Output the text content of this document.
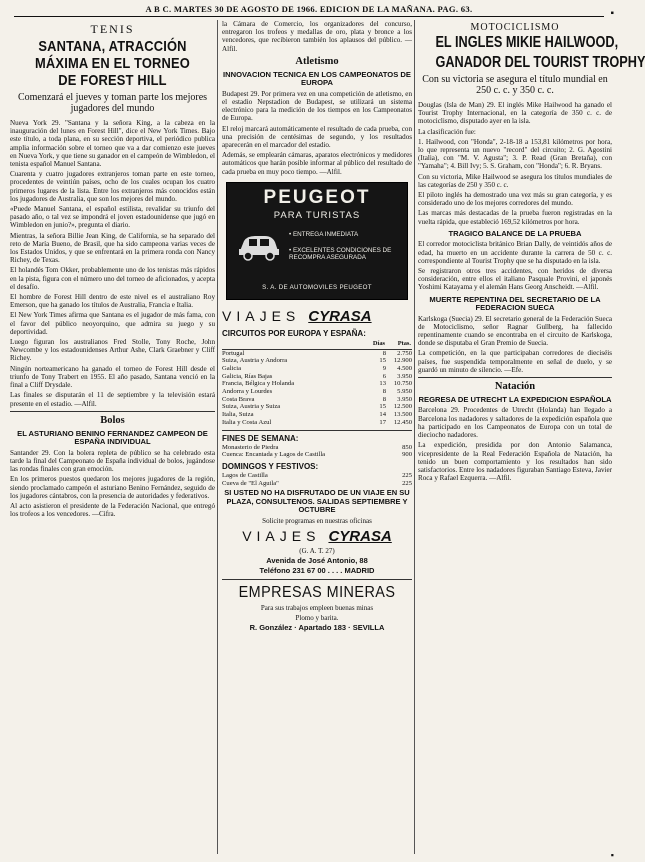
A B C. MARTES 30 DE AGOSTO DE 1966. EDICION DE LA MAÑANA. PAG. 63.	▪
TENIS
SANTANA, ATRACCIÓN MÁXIMA EN EL TORNEO DE FOREST HILL
Comenzará el jueves y toman parte los mejores jugadores del mundo

Nueva York 29. "Santana y la señora King, a la cabeza en la inauguración del lunes en Forest Hill", dice el New York Times. Bajo este título, a toda plana, en su sección deportiva, el periódico publica amplia información sobre el torneo que va a dar comienzo este jueves en Nueva York, y que tiene su ganador en el campeón de Wimbledon, el tenista español Manuel Santana.

Cuarenta y cuatro jugadores extranjeros toman parte en este torneo, procedentes de veintiún países, ocho de los cuales ocupan los cuatro primeros lugares de la lista. Entre los extranjeros más conocidos están los jugadores de Australia, que son los mejores del mundo.

«Puede Manuel Santana, el español estilista, revalidar su triunfo del pasado año, o tal vez se impondrá el joven estadounidense que jugó en Wimbledon en junio?», pregunta el diario.

Mientras, la señora Billie Jean King, de California, se ha separado del reto de María Bueno, de Brasil, que ha sido campeona varias veces de los Estados Unidos, y que se enfrentará en la primera ronda con Nancy Richey, de Texas.

El holandés Tom Okker, probablemente uno de los tenistas más rápidos en la pista, figura con el número uno del torneo de aficionados, y acepta el desafío.

El hombre de Forest Hill dentro de este nivel es el australiano Roy Emerson, que ha ganado los títulos de Australia, Francia e Italia.

El New York Times afirma que Santana es el jugador de más fama, con el favor del público neoyorquino, que admira su juego y su deportividad.

Luego figuran los australianos Fred Stolle, Tony Roche, John Newcombe y los estadounidenses Arthur Ashe, Clark Graebner y Cliff Richey.

Ningún norteamericano ha ganado el torneo de Forest Hill desde el triunfo de Tony Trabert en 1955. El año pasado, Santana venció en la final a Cliff Drysdale.

Las finales se disputarán el 11 de septiembre y la televisión estará presente en el estadio. —Alfil.

Bolos
EL ASTURIANO BENINO FERNANDEZ CAMPEON DE ESPAÑA INDIVIDUAL

Santander 29. Con la bolera repleta de público se ha celebrado esta tarde la final del Campeonato de España individual de bolos, jugándose las rondas finales con gran emoción.

En los primeros puestos quedaron los mejores jugadores de la región, siendo proclamado campeón el asturiano Benino Fernández, seguido de los jugadores cántabros, con la presencia de autoridades y federativos.

Al acto asistieron el presidente de la Federación Nacional, que entregó los trofeos a los vencedores. —Cifra.

la Cámara de Comercio, los organizadores del concurso, entregaron los trofeos y medallas de oro, plata y bronce a los vencedores, que recibieron también los aplausos del público. —Alfil.

Atletismo
INNOVACION TECNICA EN LOS CAMPEONATOS DE EUROPA

Budapest 29. Por primera vez en una competición de atletismo, en el estadio Nepstadion de Budapest, se utilizará un sistema electrónico para la medición de los tiempos en los Campeonatos de Europa.

El reloj marcará automáticamente el resultado de cada prueba, con una precisión de centésimas de segundo, y los resultados aparecerán en el marcador del estadio.

Además, se emplearán cámaras, aparatos electrónicos y medidores automáticos que harán posible informar al público del resultado de cada prueba en muy poco tiempo. —Alfil.

PEUGEOT
PARA TURISTAS
• ENTREGA INMEDIATA
• EXCELENTES CONDICIONES DE RECOMPRA ASEGURADA
S. A. DE AUTOMOVILES PEUGEOT
VIAJES CYRASA
CIRCUITOS POR EUROPA Y ESPAÑA:
	Días	Ptas.
Portugal	8	2.750
Suiza, Austria y Andorra	15	12.900
Galicia	9	4.500
Galicia, Rías Bajas	6	3.950
Francia, Bélgica y Holanda	13	10.750
Andorra y Lourdes	8	5.950
Costa Brava	8	3.950
Suiza, Austria y Suiza	15	12.500
Italia, Suiza	14	13.500
Italia y Costa Azul	17	12.450
FINES DE SEMANA:
Monasterio de Piedra	850
Cuenca: Encantada y Lagos de Castilla	900
DOMINGOS Y FESTIVOS:
Lagos de Castilla	225
Cueva de "El Aguila"	225
SI USTED NO HA DISFRUTADO DE UN VIAJE EN SU PLAZA, CONSULTENOS. SALIDAS SEPTIEMBRE Y OCTUBRE
Solicite programas en nuestras oficinas
VIAJES CYRASA
(G. A. T. 27)
Avenida de José Antonio, 88
Teléfono 231 67 00 . . . . MADRID
EMPRESAS MINERAS
Para sus trabajos empleen buenas minas
Plomo y barita.
R. González · Apartado 183 · SEVILLA
MOTOCICLISMO
EL INGLES MIKIE HAILWOOD,
GANADOR DEL TOURIST TROPHY
Con su victoria se asegura el título mundial en 250 c. c. y 350 c. c.

Douglas (Isla de Man) 29. El inglés Mike Hailwood ha ganado el Tourist Trophy Internacional, en la categoría de 350 c. c. de motociclismo, disputado ayer en la isla.

La clasificación fue:

1. Hailwood, con "Honda", 2-18-18 a 153,81 kilómetros por hora, lo que representa un nuevo "record" del circuito; 2. G. Agostini (Italia), con "M. V. Agusta"; 3. P. Read (Gran Bretaña), con "Yamaha"; 4. Bill Ivy; 5. S. Graham, con "Honda"; 6. R. Bryans.

Con su victoria, Mike Hailwood se asegura los títulos mundiales de las categorías de 250 y 350 c. c.

El piloto inglés ha demostrado una vez más su gran categoría, y es considerado uno de los mejores corredores del mundo.

Las marcas más destacadas de la prueba fueron registradas en la vuelta rápida, que estableció 169,52 kilómetros por hora.

TRAGICO BALANCE DE LA PRUEBA

El corredor motociclista británico Brian Dally, de veintidós años de edad, ha muerto en un accidente durante la carrera de 50 c. c. correspondiente al Tourist Trophy que se ha disputado en la isla.

Se registraron otros tres accidentes, con heridos de diversa consideración, entre ellos el italiano Pasquale Provini, el japonés Yoshimi Katayama y el alemán Hans Georg Anscheidt. —Alfil.

MUERTE REPENTINA DEL SECRETARIO DE LA FEDERACION SUECA

Karlskoga (Suecia) 29. El secretario general de la Federación Sueca de Motociclismo, señor Ragnar Gullberg, ha fallecido repentinamente cuando se encontraba en el circuito de Karlskoga, donde se disputaba el Gran Premio de Suecia.

La competición, en la que participaban corredores de dieciséis países, fue suspendida temporalmente en señal de duelo, y se guardó un minuto de silencio. —Efe.

Natación
REGRESA DE UTRECHT LA EXPEDICION ESPAÑOLA

Barcelona 29. Procedentes de Utrecht (Holanda) han llegado a Barcelona los nadadores y saltadores de la expedición española que ha participado en los Campeonatos de Europa con un total de dieciocho nadadores.

La expedición, presidida por don Antonio Salamanca, vicepresidente de la Real Federación Española de Natación, ha tenido un buen comportamiento y los resultados han sido satisfactorios. Entre los nadadores figuraban Santiago Esteva, Javier Roca y Rafael Ezquerra. —Alfil.

▪
